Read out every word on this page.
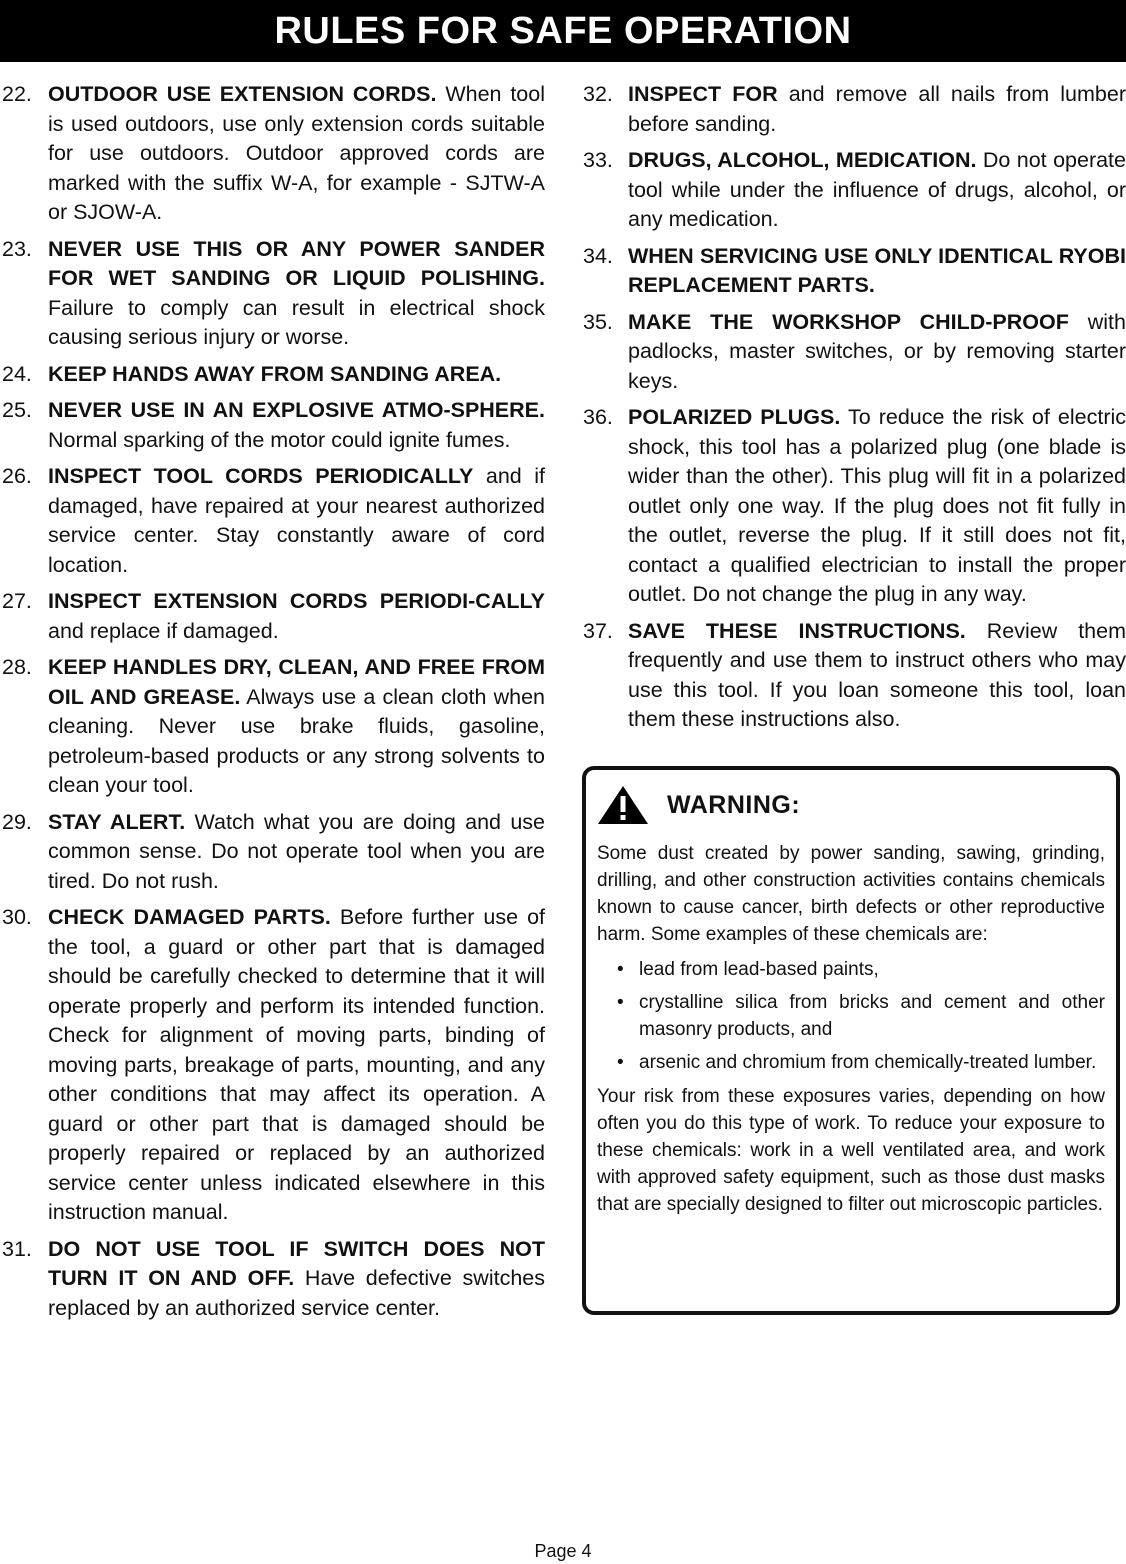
RULES FOR SAFE OPERATION
22. OUTDOOR USE EXTENSION CORDS. When tool is used outdoors, use only extension cords suitable for use outdoors. Outdoor approved cords are marked with the suffix W-A, for example - SJTW-A or SJOW-A.
23. NEVER USE THIS OR ANY POWER SANDER FOR WET SANDING OR LIQUID POLISHING. Failure to comply can result in electrical shock causing serious injury or worse.
24. KEEP HANDS AWAY FROM SANDING AREA.
25. NEVER USE IN AN EXPLOSIVE ATMO-SPHERE. Normal sparking of the motor could ignite fumes.
26. INSPECT TOOL CORDS PERIODICALLY and if damaged, have repaired at your nearest authorized service center. Stay constantly aware of cord location.
27. INSPECT EXTENSION CORDS PERIODI-CALLY and replace if damaged.
28. KEEP HANDLES DRY, CLEAN, AND FREE FROM OIL AND GREASE. Always use a clean cloth when cleaning. Never use brake fluids, gasoline, petroleum-based products or any strong solvents to clean your tool.
29. STAY ALERT. Watch what you are doing and use common sense. Do not operate tool when you are tired. Do not rush.
30. CHECK DAMAGED PARTS. Before further use of the tool, a guard or other part that is damaged should be carefully checked to determine that it will operate properly and perform its intended function. Check for alignment of moving parts, binding of moving parts, breakage of parts, mounting, and any other conditions that may affect its operation. A guard or other part that is damaged should be properly repaired or replaced by an authorized service center unless indicated elsewhere in this instruction manual.
31. DO NOT USE TOOL IF SWITCH DOES NOT TURN IT ON AND OFF. Have defective switches replaced by an authorized service center.
32. INSPECT FOR and remove all nails from lumber before sanding.
33. DRUGS, ALCOHOL, MEDICATION. Do not operate tool while under the influence of drugs, alcohol, or any medication.
34. WHEN SERVICING USE ONLY IDENTICAL RYOBI REPLACEMENT PARTS.
35. MAKE THE WORKSHOP CHILD-PROOF with padlocks, master switches, or by removing starter keys.
36. POLARIZED PLUGS. To reduce the risk of electric shock, this tool has a polarized plug (one blade is wider than the other). This plug will fit in a polarized outlet only one way. If the plug does not fit fully in the outlet, reverse the plug. If it still does not fit, contact a qualified electrician to install the proper outlet. Do not change the plug in any way.
37. SAVE THESE INSTRUCTIONS. Review them frequently and use them to instruct others who may use this tool. If you loan someone this tool, loan them these instructions also.
WARNING:

Some dust created by power sanding, sawing, grinding, drilling, and other construction activities contains chemicals known to cause cancer, birth defects or other reproductive harm. Some examples of these chemicals are:

• lead from lead-based paints,
• crystalline silica from bricks and cement and other masonry products, and
• arsenic and chromium from chemically-treated lumber.

Your risk from these exposures varies, depending on how often you do this type of work. To reduce your exposure to these chemicals: work in a well ventilated area, and work with approved safety equipment, such as those dust masks that are specially designed to filter out microscopic particles.

Page 4
